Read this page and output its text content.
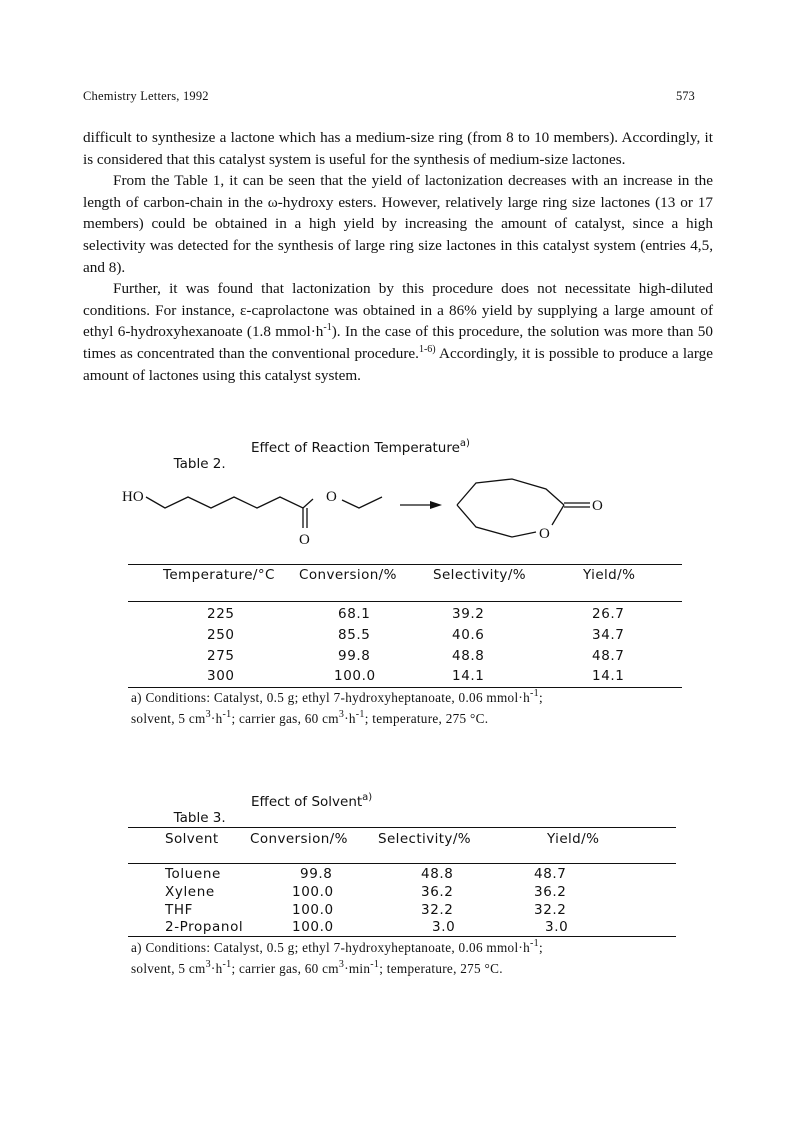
Chemistry Letters, 1992	573

difficult to synthesize a lactone which has a medium-size ring (from 8 to 10 members). Accordingly, it is considered that this catalyst system is useful for the synthesis of medium-size lactones.

From the Table 1, it can be seen that the yield of lactonization decreases with an increase in the length of carbon-chain in the ω-hydroxy esters. However, relatively large ring size lactones (13 or 17 members) could be obtained in a high yield by increasing the amount of catalyst, since a high selectivity was detected for the synthesis of large ring size lactones in this catalyst system (entries 4,5, and 8).

Further, it was found that lactonization by this procedure does not necessitate high-diluted conditions. For instance, ε-caprolactone was obtained in a 86% yield by supplying a large amount of ethyl 6-hydroxyhexanoate (1.8 $mmol\cdot h^{-1}$). In the case of this procedure, the solution was more than 50 times as concentrated than the conventional procedure.$^{1-6)}$ Accordingly, it is possible to produce a large amount of lactones using this catalyst system.

Table 2.

Effect of Reaction Temperature$^{a)}$

HO	O
O	O
O
Temperature/°C Conversion/%	Selectivity/%	Yield/%
225	68.1	39.2	26.7
250	85.5	40.6	34.7
275	99.8	48.8	48.7
300	100.0	14.1	14.1
a) Conditions: Catalyst, 0.5 g; ethyl 7-hydroxyheptanoate, 0.06 $mmol\cdot h^{-1}$;
solvent, 5 $cm^3\cdot h^{-1}$; carrier gas, 60 $cm^3\cdot h^{-1}$; temperature, 275 °C.

Table 3.

Effect of Solvent$^{a)}$

Solvent Conversion/% Selectivity/%	Yield/%
Toluene	99.8	48.8	48.7
Xylene	100.0	36.2	36.2
THF	100.0	32.2	32.2
2-Propanol	100.0	3.0	3.0
a) Conditions: Catalyst, 0.5 g; ethyl 7-hydroxyheptanoate, 0.06 $mmol\cdot h^{-1}$;
solvent, 5 $cm^3\cdot h^{-1}$; carrier gas, 60 $cm^3\cdot\min^{-1}$; temperature, 275 °C.
